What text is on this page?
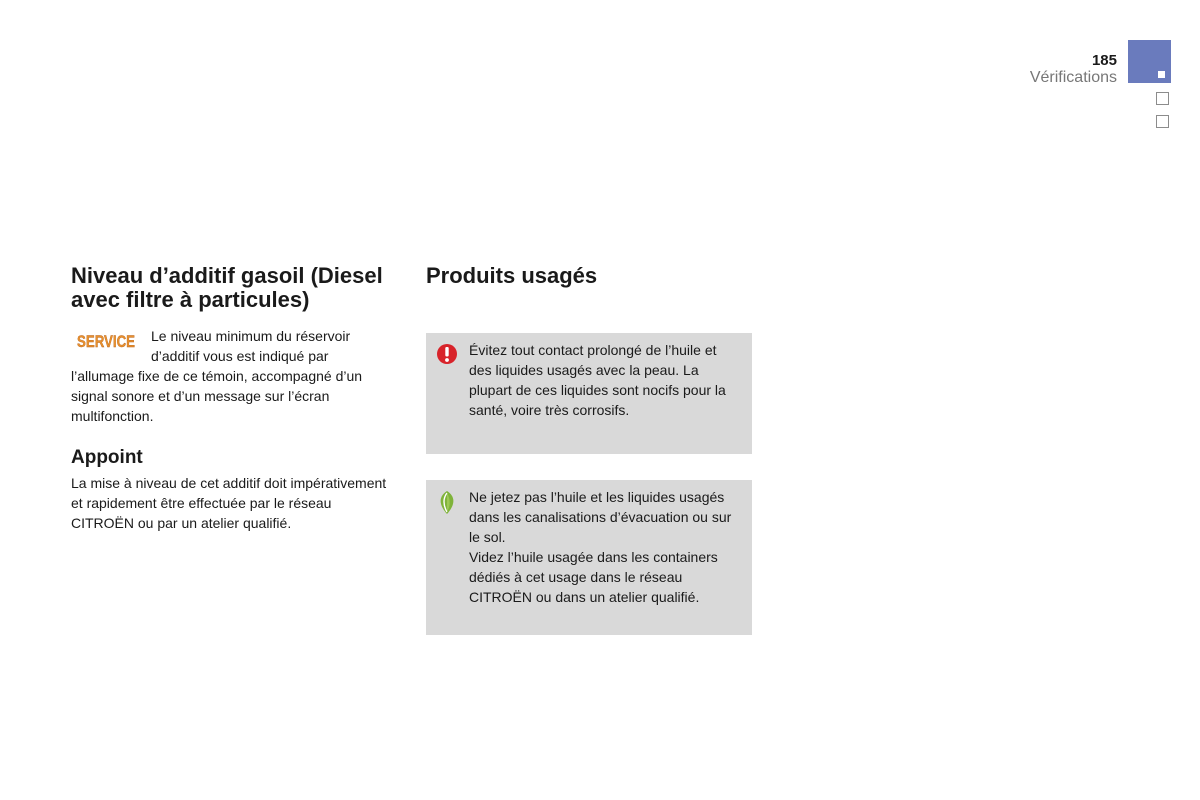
185
Vérifications
Niveau d’additif gasoil (Diesel avec filtre à particules)
SERVICE	Le niveau minimum du réservoir d’additif vous est indiqué par l’allumage fixe de ce témoin, accompagné d’un signal sonore et d’un message sur l’écran multifonction.

Appoint

La mise à niveau de cet additif doit impérativement et rapidement être effectuée par le réseau CITROËN ou par un atelier qualifié.

Produits usagés

Évitez tout contact prolongé de l’huile et des liquides usagés avec la peau. La plupart de ces liquides sont nocifs pour la santé, voire très corrosifs.

Ne jetez pas l’huile et les liquides usagés dans les canalisations d’évacuation ou sur le sol.

Videz l’huile usagée dans les containers dédiés à cet usage dans le réseau CITROËN ou dans un atelier qualifié.
